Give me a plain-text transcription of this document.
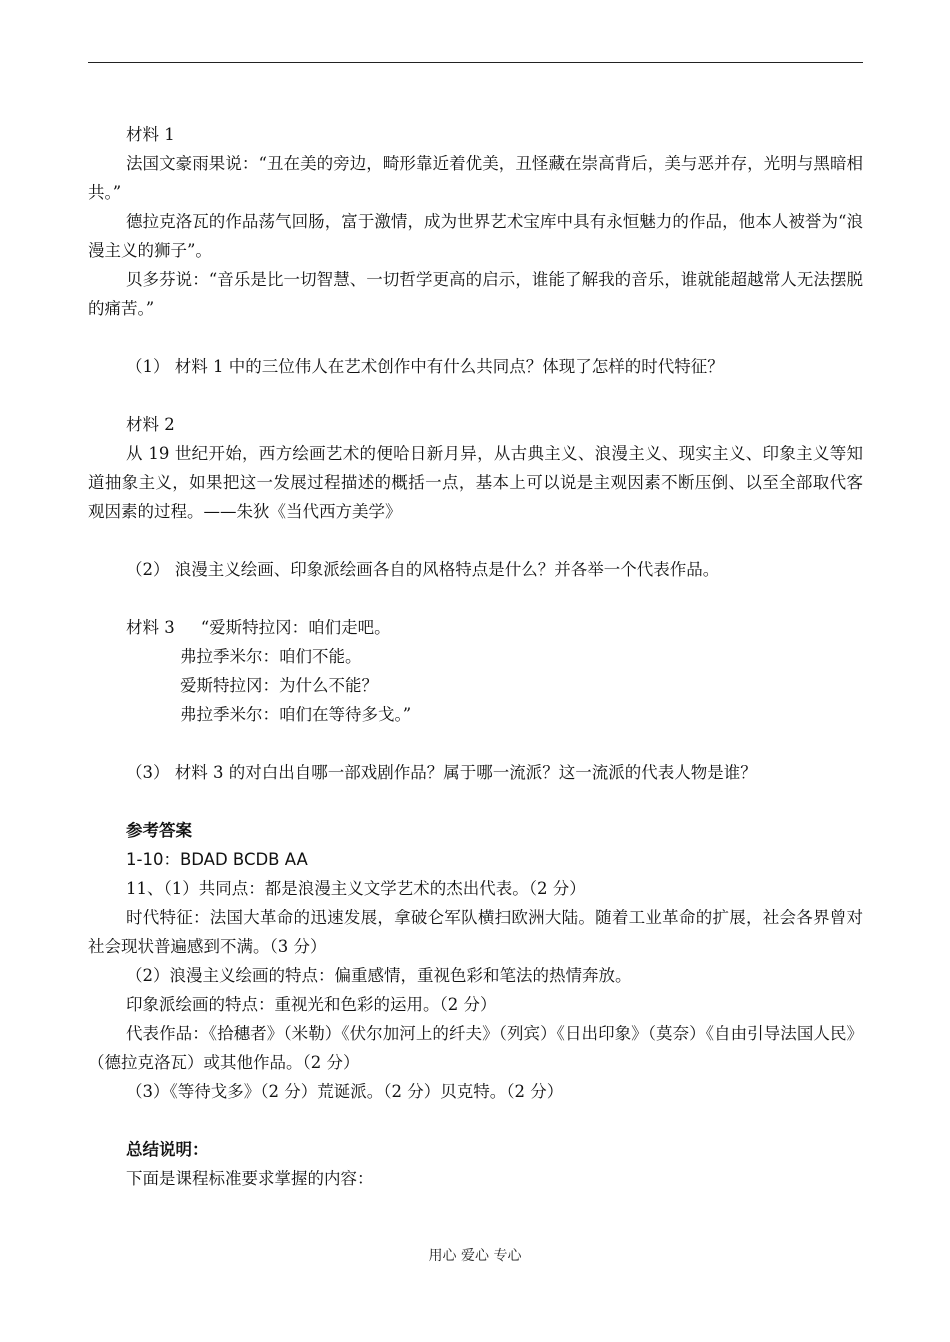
材料 1

法国文豪雨果说：“丑在美的旁边，畸形靠近着优美，丑怪藏在崇高背后，美与恶并存，光明与黑暗相共。”

德拉克洛瓦的作品荡气回肠，富于激情，成为世界艺术宝库中具有永恒魅力的作品，他本人被誉为“浪漫主义的狮子”。

贝多芬说：“音乐是比一切智慧、一切哲学更高的启示，谁能了解我的音乐，谁就能超越常人无法摆脱的痛苦。”

（1） 材料 1 中的三位伟人在艺术创作中有什么共同点？体现了怎样的时代特征？

材料 2

从 19 世纪开始，西方绘画艺术的便哈日新月异，从古典主义、浪漫主义、现实主义、印象主义等知道抽象主义，如果把这一发展过程描述的概括一点，基本上可以说是主观因素不断压倒、以至全部取代客观因素的过程。——朱狄《当代西方美学》

（2） 浪漫主义绘画、印象派绘画各自的风格特点是什么？并各举一个代表作品。

材料 3 “爱斯特拉冈：咱们走吧。

弗拉季米尔：咱们不能。

爱斯特拉冈：为什么不能？

弗拉季米尔：咱们在等待多戈。”

（3） 材料 3 的对白出自哪一部戏剧作品？属于哪一流派？这一流派的代表人物是谁？

参考答案

1-10：BDAD BCDB AA

11、（1）共同点：都是浪漫主义文学艺术的杰出代表。（2 分）

时代特征：法国大革命的迅速发展，拿破仑军队横扫欧洲大陆。随着工业革命的扩展，社会各界曾对社会现状普遍感到不满。（3 分）

（2）浪漫主义绘画的特点：偏重感情，重视色彩和笔法的热情奔放。

印象派绘画的特点：重视光和色彩的运用。（2 分）

代表作品：《拾穗者》（米勒）《伏尔加河上的纤夫》（列宾）《日出印象》（莫奈）《自由引导法国人民》（德拉克洛瓦）或其他作品。（2 分）

（3）《等待戈多》（2 分）荒诞派。（2 分）贝克特。（2 分）

总结说明：

下面是课程标准要求掌握的内容：

用心 爱心 专心
